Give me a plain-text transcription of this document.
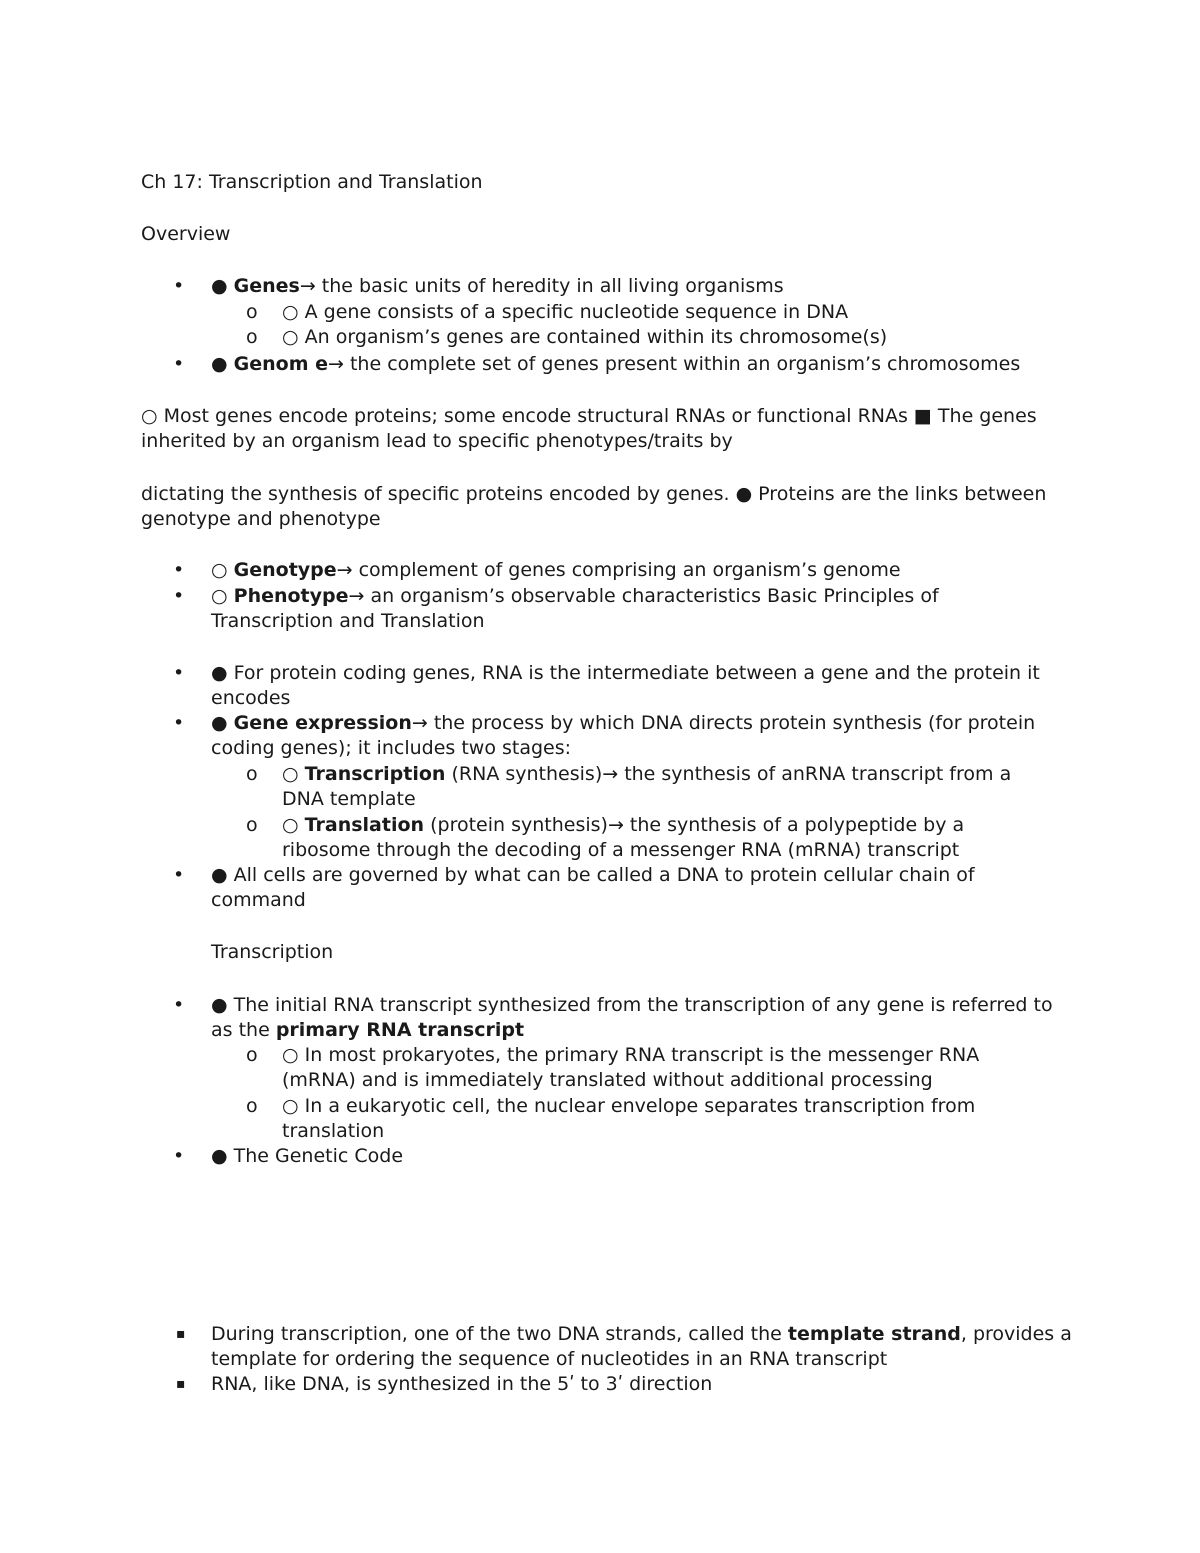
Ch 17: Transcription and Translation
Overview
• ● Genes→ the basic units of heredity in all living organisms
o ○ A gene consists of a specific nucleotide sequence in DNA
o ○ An organism’s genes are contained within its chromosome(s)
• ● Genom e→ the complete set of genes present within an organism’s chromosomes
○ Most genes encode proteins; some encode structural RNAs or functional RNAs ■ The genes
inherited by an organism lead to specific phenotypes/traits by
dictating the synthesis of specific proteins encoded by genes. ● Proteins are the links between
genotype and phenotype
• ○ Genotype→ complement of genes comprising an organism’s genome
• ○ Phenotype→ an organism’s observable characteristics Basic Principles of
Transcription and Translation
• ● For protein coding genes, RNA is the intermediate between a gene and the protein it
encodes
• ● Gene expression→ the process by which DNA directs protein synthesis (for protein
coding genes); it includes two stages:
o ○ Transcription (RNA synthesis)→ the synthesis of anRNA transcript from a
DNA template
o ○ Translation (protein synthesis)→ the synthesis of a polypeptide by a
ribosome through the decoding of a messenger RNA (mRNA) transcript
• ● All cells are governed by what can be called a DNA to protein cellular chain of
command
Transcription
• ● The initial RNA transcript synthesized from the transcription of any gene is referred to
as the primary RNA transcript
o ○ In most prokaryotes, the primary RNA transcript is the messenger RNA
(mRNA) and is immediately translated without additional processing
o ○ In a eukaryotic cell, the nuclear envelope separates transcription from
translation
• ● The Genetic Code
▪ During transcription, one of the two DNA strands, called the template strand, provides a
template for ordering the sequence of nucleotides in an RNA transcript
▪ RNA, like DNA, is synthesized in the 5ʹ to 3ʹ direction
